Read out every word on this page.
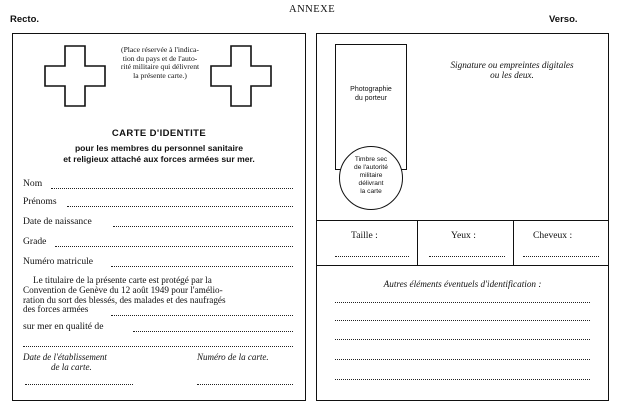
ANNEXE
Recto.	Verso.
(Place réservée à l'indica-
tion du pays et de l'auto-
rité militaire qui délivrent
la présente carte.)
CARTE D'IDENTITE
pour les membres du personnel sanitaire
et religieux attaché aux forces armées sur mer.
Nom
Prénoms
Date de naissance
Grade
Numéro matricule
Le titulaire de la présente carte est protégé par la
Convention de Genève du 12 août 1949 pour l'amélio-
ration du sort des blessés, des malades et des naufragés
des forces armées
sur mer en qualité de
Date de l'établissement
de la carte.
Numéro de la carte.
Photographie
du porteur
Timbre sec
de l'autorité
militaire
délivrant
la carte
Signature ou empreintes digitales
ou les deux.
Taille :	Yeux :	Cheveux :
Autres éléments éventuels d'identification :
